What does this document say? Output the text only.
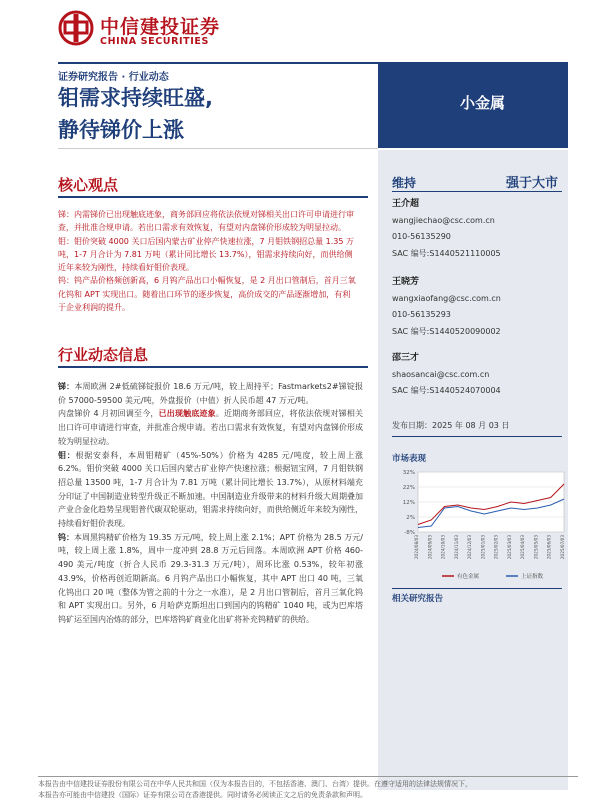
中信建投证券
CHINA SECURITIES
证券研究报告 · 行业动态
钼需求持续旺盛,
静待锑价上涨
小金属
核心观点

锑：内需锑价已出现触底迹象，商务部回应将依法依规对锑相关出口许可申请进行审查，并批准合规申请。若出口需求有效恢复，有望对内盘锑价形成较为明显拉动。

钼：钼价突破 4000 关口后国内蒙古矿业停产快速拉涨，7 月钼铁钢招总量 1.35 万吨，1-7 月合计为 7.81 万吨（累计同比增长 13.7%），钼需求持续向好，而供给侧近年来较为刚性，持续看好钼价表现。

钨：钨产品价格频创新高，6 月钨产品出口小幅恢复，是 2 月出口管制后，首月三氧化钨和 APT 实现出口。随着出口环节的逐步恢复，高价成交的产品逐渐增加，有利于企业利润的提升。

行业动态信息

锑：本周欧洲 2#低硫锑锭报价 18.6 万元/吨，较上周持平；Fastmarkets2#锑锭报价 57000-59500 美元/吨，外盘报价（中值）折人民币超 47 万元/吨。

内盘锑价 4 月初回调至今，已出现触底迹象。近期商务部回应，将依法依规对锑相关出口许可申请进行审查，并批准合规申请。若出口需求有效恢复，有望对内盘锑价形成较为明显拉动。

钼：根据安泰科，本周钼精矿（45%-50%）价格为 4285 元/吨度，较上周上涨 6.2%。钼价突破 4000 关口后国内蒙古矿业停产快速拉涨；根据钮宝网，7 月钼铁钢招总量 13500 吨，1-7 月合计为 7.81 万吨（累计同比增长 13.7%），从原材料端充分印证了中国制造业转型升级正不断加速。中国制造业升级带来的材料升级大周期叠加产业合金化趋势呈现钼普代碳双轮驱动，钼需求持续向好，而供给侧近年来较为刚性，持续看好钼价表现。

钨：本周黑钨精矿价格为 19.35 万元/吨，较上周上涨 2.1%；APT 价格为 28.5 万元/吨，较上周上涨 1.8%，周中一度冲到 28.8 万元后回落。本周欧洲 APT 价格 460-490 美元/吨度（折合人民币 29.3-31.3 万元/吨），周环比涨 0.53%，较年初涨 43.9%，价格再创近期新高。6 月钨产品出口小幅恢复，其中 APT 出口 40 吨，三氧化钨出口 20 吨（整体为管之前的十分之一水准），是 2 月出口管制后，首月三氧化钨和 APT 实现出口。另外，6 月哈萨克斯坦出口到国内的钨精矿 1040 吨，或为巴库塔钨矿运至国内冶炼的部分，巴库塔钨矿商业化出矿将补充钨精矿的供给。

维持	强于大市
王介超
wangjiechao@csc.com.cn
010-56135290
SAC 编号:S1440521110005
王晓芳
wangxiaofang@csc.com.cn
010-56135293
SAC 编号:S1440520090002
邵三才
shaosancai@csc.com.cn
SAC 编号:S1440524070004
发布日期：2025 年 08 月 03 日
市场表现
32%
22%
12%
2%
-8%
2024/08/03 2024/09/03 2024/10/03 2024/11/03 2024/12/03 2025/01/03 2025/02/03 2025/03/03 2025/04/03 2025/05/03 2025/06/03 2025/07/03
有色金属	上证指数
相关研究报告
本报告由中信建投证券股份有限公司在中华人民共和国（仅为本报告目的，不包括香港、澳门、台湾）提供。在遵守适用的法律法规情况下，
本报告亦可能由中信建投（国际）证券有限公司在香港提供。同时请务必阅读正文之后的免责条款和声明。
